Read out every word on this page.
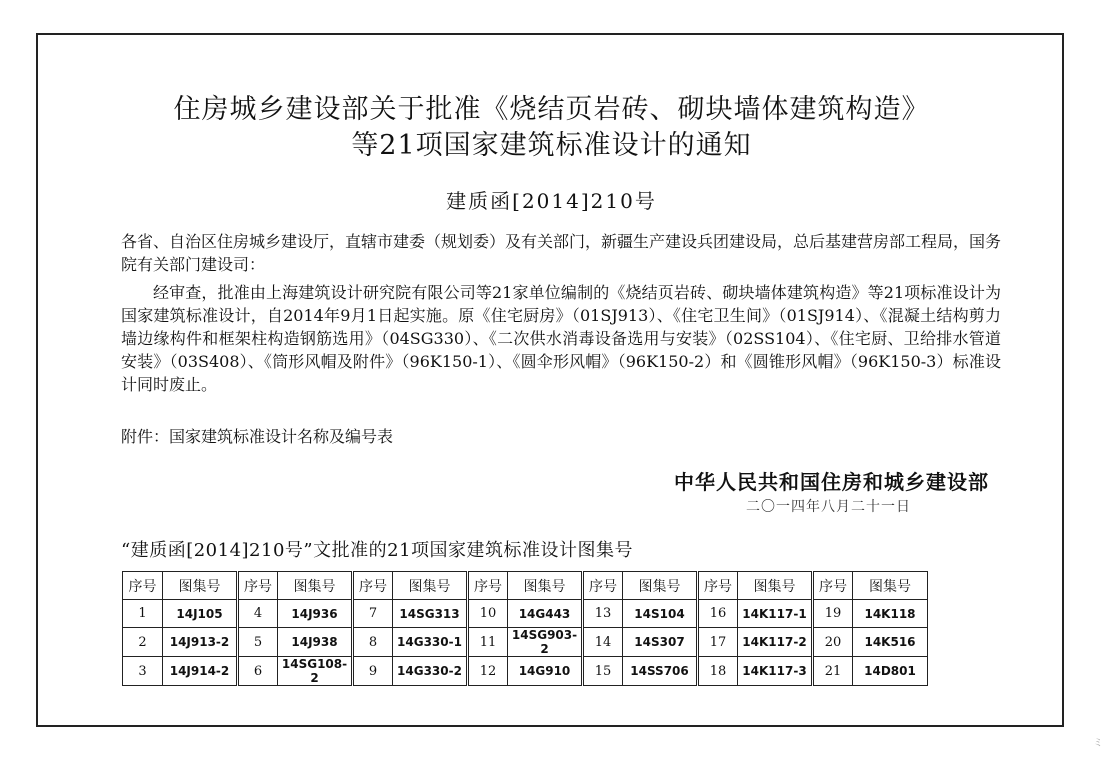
住房城乡建设部关于批准《烧结页岩砖、砌块墙体建筑构造》
等21项国家建筑标准设计的通知
建质函[2014]210号
各省、自治区住房城乡建设厅，直辖市建委（规划委）及有关部门，新疆生产建设兵团建设局，总后基建营房部工程局，国务院有关部门建设司：
经审查，批准由上海建筑设计研究院有限公司等21家单位编制的《烧结页岩砖、砌块墙体建筑构造》等21项标准设计为国家建筑标准设计，自2014年9月1日起实施。原《住宅厨房》（01SJ913）、《住宅卫生间》（01SJ914）、《混凝土结构剪力墙边缘构件和框架柱构造钢筋选用》（04SG330）、《二次供水消毒设备选用与安装》（02SS104）、《住宅厨、卫给排水管道安装》（03S408）、《筒形风帽及附件》（96K150-1）、《圆伞形风帽》（96K150-2）和《圆锥形风帽》（96K150-3）标准设计同时废止。
附件：国家建筑标准设计名称及编号表
中华人民共和国住房和城乡建设部
二〇一四年八月二十一日
“建质函[2014]210号”文批准的21项国家建筑标准设计图集号
序号	图集号	序号	图集号	序号	图集号	序号	图集号	序号	图集号	序号	图集号	序号	图集号
1	14J105	4	14J936	7	14SG313	10	14G443	13	14S104	16	14K117-1	19	14K118
2	14J913-2	5	14J938	8	14G330-1	11	14SG903-2	14	14S307	17	14K117-2	20	14K516
3	14J914-2	6	14SG108-2	9	14G330-2	12	14G910	15	14SS706	18	14K117-3	21	14D801
ミ
